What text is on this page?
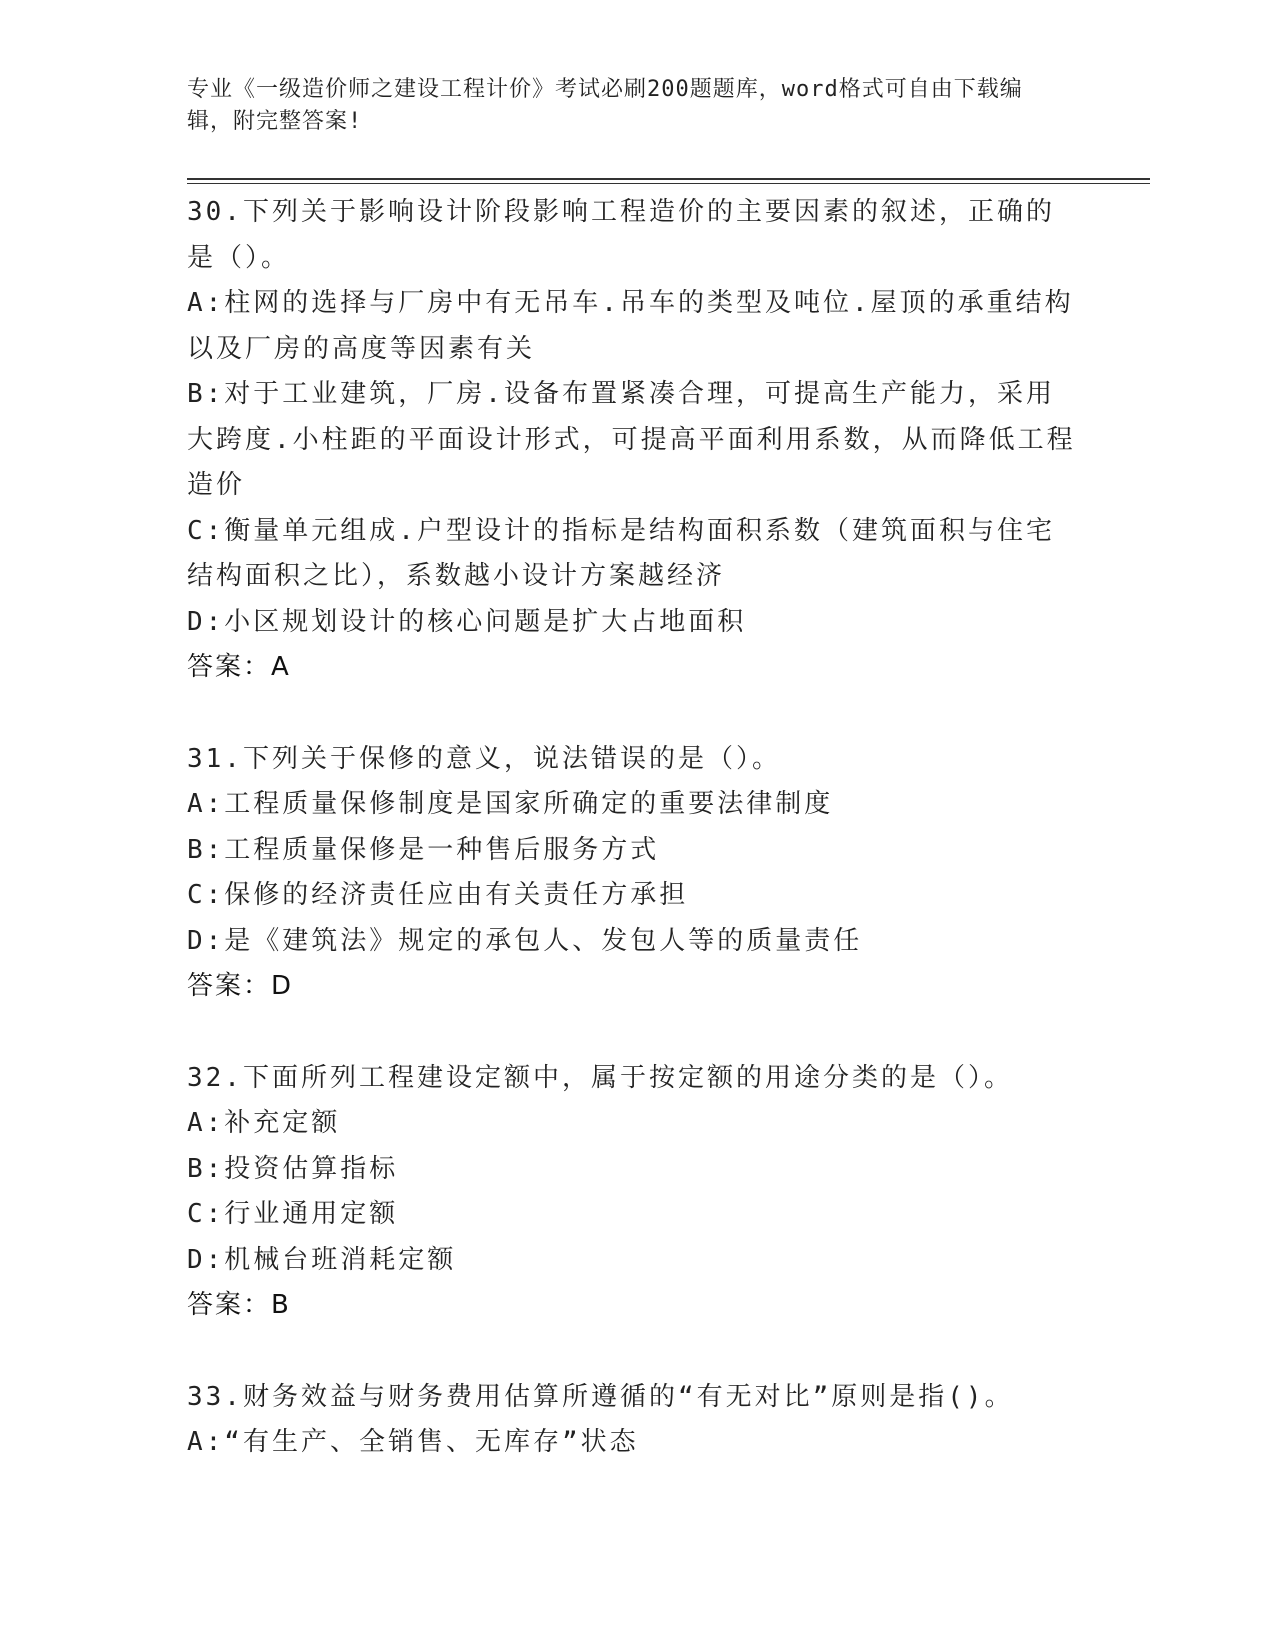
专业《一级造价师之建设工程计价》考试必刷200题题库，word格式可自由下载编辑，附完整答案!
30.下列关于影响设计阶段影响工程造价的主要因素的叙述，正确的是（）。
A:柱网的选择与厂房中有无吊车.吊车的类型及吨位.屋顶的承重结构以及厂房的高度等因素有关
B:对于工业建筑，厂房.设备布置紧凑合理，可提高生产能力，采用大跨度.小柱距的平面设计形式，可提高平面利用系数，从而降低工程造价
C:衡量单元组成.户型设计的指标是结构面积系数（建筑面积与住宅结构面积之比），系数越小设计方案越经济
D:小区规划设计的核心问题是扩大占地面积
答案：A
31.下列关于保修的意义，说法错误的是（）。
A:工程质量保修制度是国家所确定的重要法律制度
B:工程质量保修是一种售后服务方式
C:保修的经济责任应由有关责任方承担
D:是《建筑法》规定的承包人、发包人等的质量责任
答案：D
32.下面所列工程建设定额中，属于按定额的用途分类的是（）。
A:补充定额
B:投资估算指标
C:行业通用定额
D:机械台班消耗定额
答案：B
33.财务效益与财务费用估算所遵循的“有无对比”原则是指()。
A:“有生产、全销售、无库存”状态
